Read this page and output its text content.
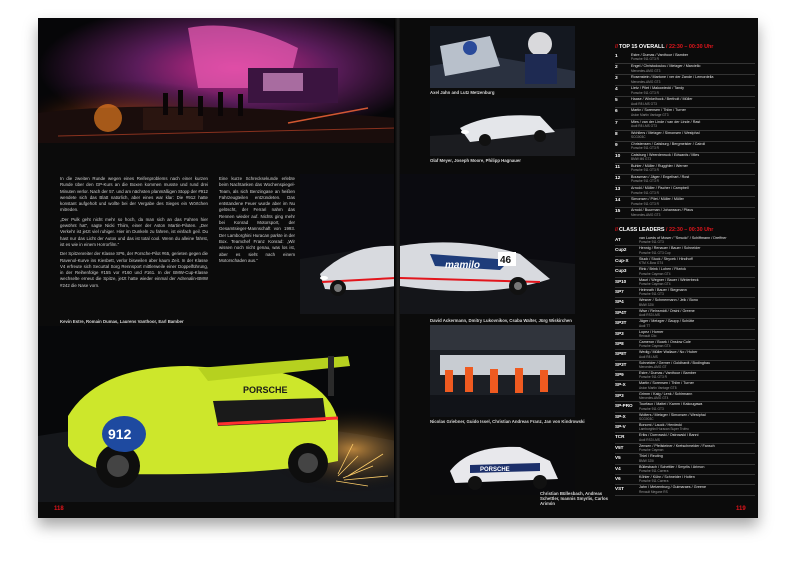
In die zweiten Runde wegen eines Reifenproblems nach einer kurzen Runde über den GP-Kurs an die Boxen kommen musste und rund drei Minuten verlor. Nach der 57. und am nächsten planmäßigen Stopp der #912 wendete sich das Blatt natürlich, aber eines war klar: Die #912 hatte konstant aufgeholt und wollte bei der Vergabe des Sieges ein Wörtchen mitreden.

„Der Pulk geht nicht mehr so hoch, da man sich an das Fahren hier gewöhnt hat“, sagte Nicki Thiim, einer der Aston Martin-Piloten. „Der Verkehr ist jetzt viel ruhiger. Hier im Dunkeln zu fahren, ist einfach geil. Du hast nur das Licht der Autos und das ist total cool. Wenn du alleine fährst, ist es wie in einem Horrorfilm.“

Der Spitzenreiter der Klasse SP6, der Porsche-Pilot #65, gerieten gegen die Ravenol-Kurve ins Kiesbett, verlor bisweilen aber kaum Zeit. In der Klasse V4 erfreute sich Securtal Sorg Rennsport mittlerweile einer Doppelführung, in der Reihenfolge #155 vor #160 und #161. In der BMW-Cup-Klasse wechselte erneut die Spitze, jetzt hatte wieder einmal der Adrenalin-BMW #242 die Nase vorn.

Eine kurze Schrecksekunde erlebte beim Nachtanken das Wochenspiegel-Team, als sich Benzingase an heißen Fahrzeugteilen entzündeten. Das entstandene Feuer wurde aber im Nu gelöscht, der Ferrari nahm das Rennen wieder auf. Nichts ging mehr bei Konrad Motorsport, der Gesamtsieger-Mannschaft von 1993. Der Lamborghini Huracan parkte in der Box. Teamchef Franz Konrad: „Wir wissen noch nicht genau, was los ist, aber es sieht nach einem Motorschaden aus.“

Kevin Estre, Romain Dumas, Laurens Vanthoor, Earl Bamber
912
PORSCHE
118
Axel Jahn and Lutz Metzenburg
Olaf Meyer, Joseph Moore, Philipp Hagnauer
mamilo 46
David Ackermann, Dmitry Lukovnikov, Csaba Walter, Jürg Wiskirchen
Nicolas Griebner, Guido Issel, Christian Andreas Franz, Jan von Kindrowski
PORSCHE
Christian Büllesbach, Andreas Schettler, Ioannis Smyrlis, Carlos Arimón
//TOP 15 OVERALL / 22:30 – 00:30 Uhr
1	Estre / Dumas / Vanthoor / Bamber
Porsche 911 GT3 R
2	Engel / Christodoulou / Metzger / Marciello
Mercedes-AMG GT3
3	Rosenstein / Martone / ver der Zande / Lemordella
Mercedes-AMG GT3
4	Lietz / Pilet / Makowiecki / Tandy
Porsche 911 GT3 R
5	Haase / Winkelhock / Bertholt / Müller
Audi R8 LMS GT3
6	Martin / Sorensen / Thiim / Turner
Aston Martin Vantage GT3
7	Mies / van der Linde / van der Linde / Rast
Audi R8 LMS GT3
8	Wohllers / Metzger / Simonsen / Westphal
SCG003C
9	Christensen / Catsburg / Bergmeister / Cairoli
Porsche 911 GT3 R
10	Catsburg / Weerdenruck / Edwards / Mies
BMW M6 GT3
11	Buhler / Müller / Rugghler / Werner
Porsche 911 GT3 R
12	Bouwman / Jäger / Engelhart / Rost
Porsche 911 GT3 R
13	Arnold / Müller / Fischer / Campbell
Porsche 911 GT3 R
14	Simonsen / Pilet / Müller / Müller
Porsche 911 GT3 R
15	Arnold / Buurman / Johansson / Pfaus
Mercedes-AMG GT3
//CLASS LEADERS / 22:30 – 00:30 Uhr
AT	van Lueds of Moser / "Smudo" / Schiffmann / Dreffner
Porsche 911 GT3
Cup2	Hennig / Renauer / Bauer / Schneider
Porsche 911 GT3 Cup
Cup-X	Stuck / Stuck / Strycek / Hindhoff
KTM X-Bow GT4
Cup3	Rink / Brink / Lohen / Fitzrick
Porsche Cayman GT4
SP10	Mauri / Wegner / Bauer / Winterbeck
Porsche Cayman GT4
SP7	Heimrath / Bauer / Stegmann
Porsche 911 GT3
SP4	Wesner / Schmermann / Jelk / Bono
BMW 325i
SP4T	Wise / Reinsmidt / Orsini / Greene
Audi RS3 LMS
SP3T	Jäger / Metzger / Gaupp / Schütte
Audi TT
SP3	Lopez / Horner
Renault Clio
SP8	Cameron / Boark / Onslow Cole
Porsche Cayman GT4
SP8T	Wedig / Müller Wallace / No / Huber
Audi R8 LMS
SP3T	Schneider / Gerner / Goldhardt / Bodingbau
Mercedes-AMG GT
SP9	Estre / Dumas / Vanthoor / Bamber
Porsche 911 GT3 R
SP-X	Martin / Sorensen / Thiim / Turner
Aston Martin Vantage GT8
SP3	Grimm / Kaig / Lenk / Schirmann
Mercedes-AMG GT4
SP-PRO	Tourfaux / Mattei / Kamm / Kakougawa
Porsche 911 GT3
SP-X	Wolters / Metzger / Simonsen / Westphal
SCG003C
SP-V	Bonomi / Lauck / Herdecki
Lamborghini Huracan Super Trofeo
TCR	Eriks / Dorrowski / Ostrowski / Banni
Audi RS3 LMS
V5T	Zensen / Pfeilsteiner / Kretschmeider / Fansch
Porsche Cayman
V5	Thiel / Reuting
BMW 325i
V4	Büllesbach / Schettler / Smyrlis / Arimon
Porsche 911 Carrera
V6	Köhler / Kühn / Schneider / Holten
Porsche 911 Carrera
VST	Jahn / Metzenburg / Guimaraes / Greene
Renault Megane RS
119
